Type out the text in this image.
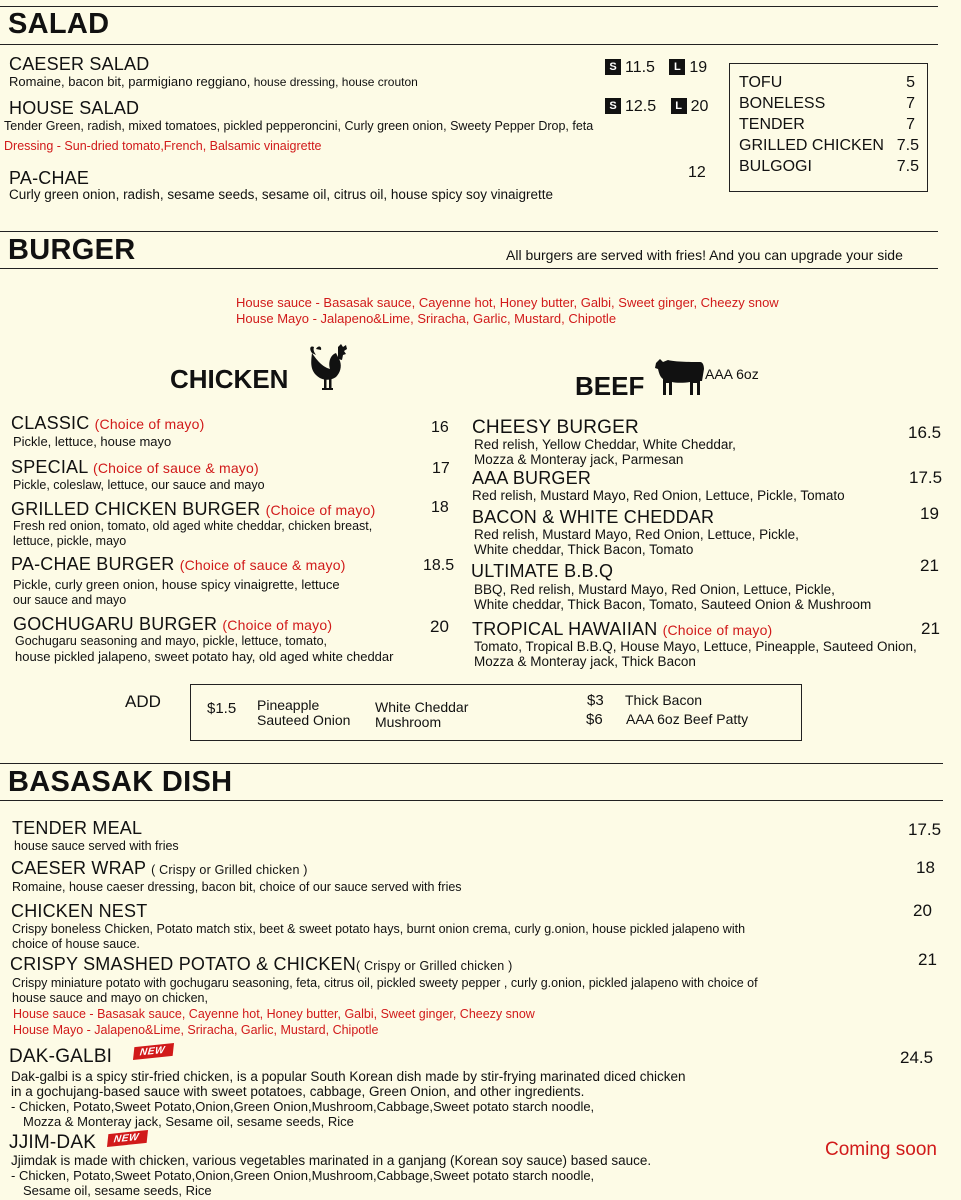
SALAD
CAESER SALAD
Romaine, bacon bit, parmigiano reggiano, house dressing, house crouton
S 11.5 L 19
HOUSE SALAD
Tender Green, radish, mixed tomatoes, pickled pepperoncini, Curly green onion, Sweety Pepper Drop, feta
Dressing - Sun-dried tomato,French, Balsamic vinaigrette
S 12.5 L 20
PA-CHAE
Curly green onion, radish, sesame seeds, sesame oil, citrus oil, house spicy soy vinaigrette
12
TOFU	5
BONELESS	7
TENDER	7
GRILLED CHICKEN 7.5
BULGOGI	7.5
BURGER	All burgers are served with fries! And you can upgrade your side
House sauce - Basasak sauce, Cayenne hot, Honey butter, Galbi, Sweet ginger, Cheezy snow
House Mayo - Jalapeno&Lime, Sriracha, Garlic, Mustard, Chipotle
CHICKEN	BEEF	AAA 6oz
CLASSIC (Choice of mayo)
Pickle, lettuce, house mayo
16
SPECIAL (Choice of sauce & mayo)
Pickle, coleslaw, lettuce, our sauce and mayo
17
GRILLED CHICKEN BURGER (Choice of mayo)
Fresh red onion, tomato, old aged white cheddar, chicken breast,
lettuce, pickle, mayo
18
PA-CHAE BURGER (Choice of sauce & mayo)
Pickle, curly green onion, house spicy vinaigrette, lettuce
our sauce and mayo
18.5
GOCHUGARU BURGER (Choice of mayo)
Gochugaru seasoning and mayo, pickle, lettuce, tomato,
house pickled jalapeno, sweet potato hay, old aged white cheddar
20
CHEESY BURGER
Red relish, Yellow Cheddar, White Cheddar,
Mozza & Monteray jack, Parmesan
16.5
AAA BURGER
Red relish, Mustard Mayo, Red Onion, Lettuce, Pickle, Tomato
17.5
BACON & WHITE CHEDDAR
Red relish, Mustard Mayo, Red Onion, Lettuce, Pickle,
White cheddar, Thick Bacon, Tomato
19
ULTIMATE B.B.Q
BBQ, Red relish, Mustard Mayo, Red Onion, Lettuce, Pickle,
White cheddar, Thick Bacon, Tomato, Sauteed Onion & Mushroom
21
TROPICAL HAWAIIAN (Choice of mayo)
Tomato, Tropical B.B.Q, House Mayo, Lettuce, Pineapple, Sauteed Onion,
Mozza & Monteray jack, Thick Bacon
21
ADD	$1.5 Pineapple
Sauteed Onion
White Cheddar
Mushroom
$3 Thick Bacon
$6 AAA 6oz Beef Patty
BASASAK DISH
TENDER MEAL
house sauce served with fries
17.5
CAESER WRAP ( Crispy or Grilled chicken )
Romaine, house caeser dressing, bacon bit, choice of our sauce served with fries
18
CHICKEN NEST
Crispy boneless Chicken, Potato match stix, beet & sweet potato hays, burnt onion crema, curly g.onion, house pickled jalapeno with
choice of house sauce.
20
CRISPY SMASHED POTATO & CHICKEN( Crispy or Grilled chicken )
Crispy miniature potato with gochugaru seasoning, feta, citrus oil, pickled sweety pepper , curly g.onion, pickled jalapeno with choice of
house sauce and mayo on chicken,
House sauce - Basasak sauce, Cayenne hot, Honey butter, Galbi, Sweet ginger, Cheezy snow
House Mayo - Jalapeno&Lime, Sriracha, Garlic, Mustard, Chipotle
21
DAK-GALBI	NEW
Dak-galbi is a spicy stir-fried chicken, is a popular South Korean dish made by stir-frying marinated diced chicken
in a gochujang-based sauce with sweet potatoes, cabbage, Green Onion, and other ingredients.
- Chicken, Potato,Sweet Potato,Onion,Green Onion,Mushroom,Cabbage,Sweet potato starch noodle,
Mozza & Monteray jack, Sesame oil, sesame seeds, Rice
24.5
JJIM-DAK	NEW
Jjimdak is made with chicken, various vegetables marinated in a ganjang (Korean soy sauce) based sauce.
- Chicken, Potato,Sweet Potato,Onion,Green Onion,Mushroom,Cabbage,Sweet potato starch noodle,
Sesame oil, sesame seeds, Rice
Coming soon
